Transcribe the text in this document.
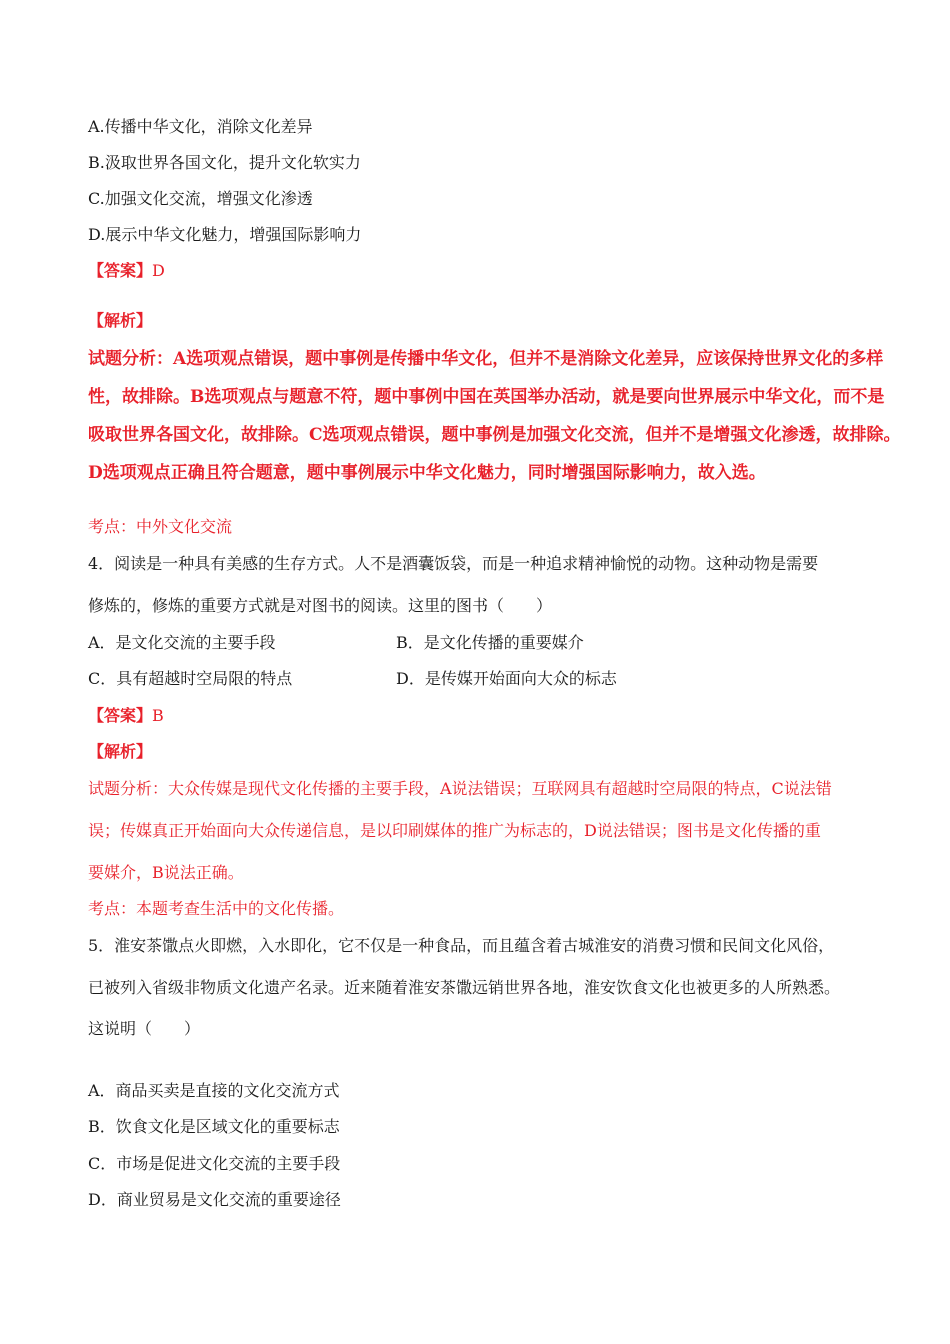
A.传播中华文化，消除文化差异
B.汲取世界各国文化，提升文化软实力
C.加强文化交流，增强文化渗透
D.展示中华文化魅力，增强国际影响力
【答案】D
【解析】
试题分析：A选项观点错误，题中事例是传播中华文化，但并不是消除文化差异，应该保持世界文化的多样
性，故排除。B选项观点与题意不符，题中事例中国在英国举办活动，就是要向世界展示中华文化，而不是
吸取世界各国文化，故排除。C选项观点错误，题中事例是加强文化交流，但并不是增强文化渗透，故排除。
D选项观点正确且符合题意，题中事例展示中华文化魅力，同时增强国际影响力，故入选。
考点：中外文化交流
4．阅读是一种具有美感的生存方式。人不是酒囊饭袋，而是一种追求精神愉悦的动物。这种动物是需要
修炼的，修炼的重要方式就是对图书的阅读。这里的图书（　　）
A．是文化交流的主要手段	B．是文化传播的重要媒介
C．具有超越时空局限的特点	D．是传媒开始面向大众的标志
【答案】B
【解析】
试题分析：大众传媒是现代文化传播的主要手段，A说法错误；互联网具有超越时空局限的特点，C说法错
误；传媒真正开始面向大众传递信息，是以印刷媒体的推广为标志的，D说法错误；图书是文化传播的重
要媒介，B说法正确。
考点：本题考查生活中的文化传播。
5．淮安茶馓点火即燃，入水即化，它不仅是一种食品，而且蕴含着古城淮安的消费习惯和民间文化风俗，
已被列入省级非物质文化遗产名录。近来随着淮安茶馓远销世界各地，淮安饮食文化也被更多的人所熟悉。
这说明（　　）
A．商品买卖是直接的文化交流方式
B．饮食文化是区域文化的重要标志
C．市场是促进文化交流的主要手段
D．商业贸易是文化交流的重要途径
